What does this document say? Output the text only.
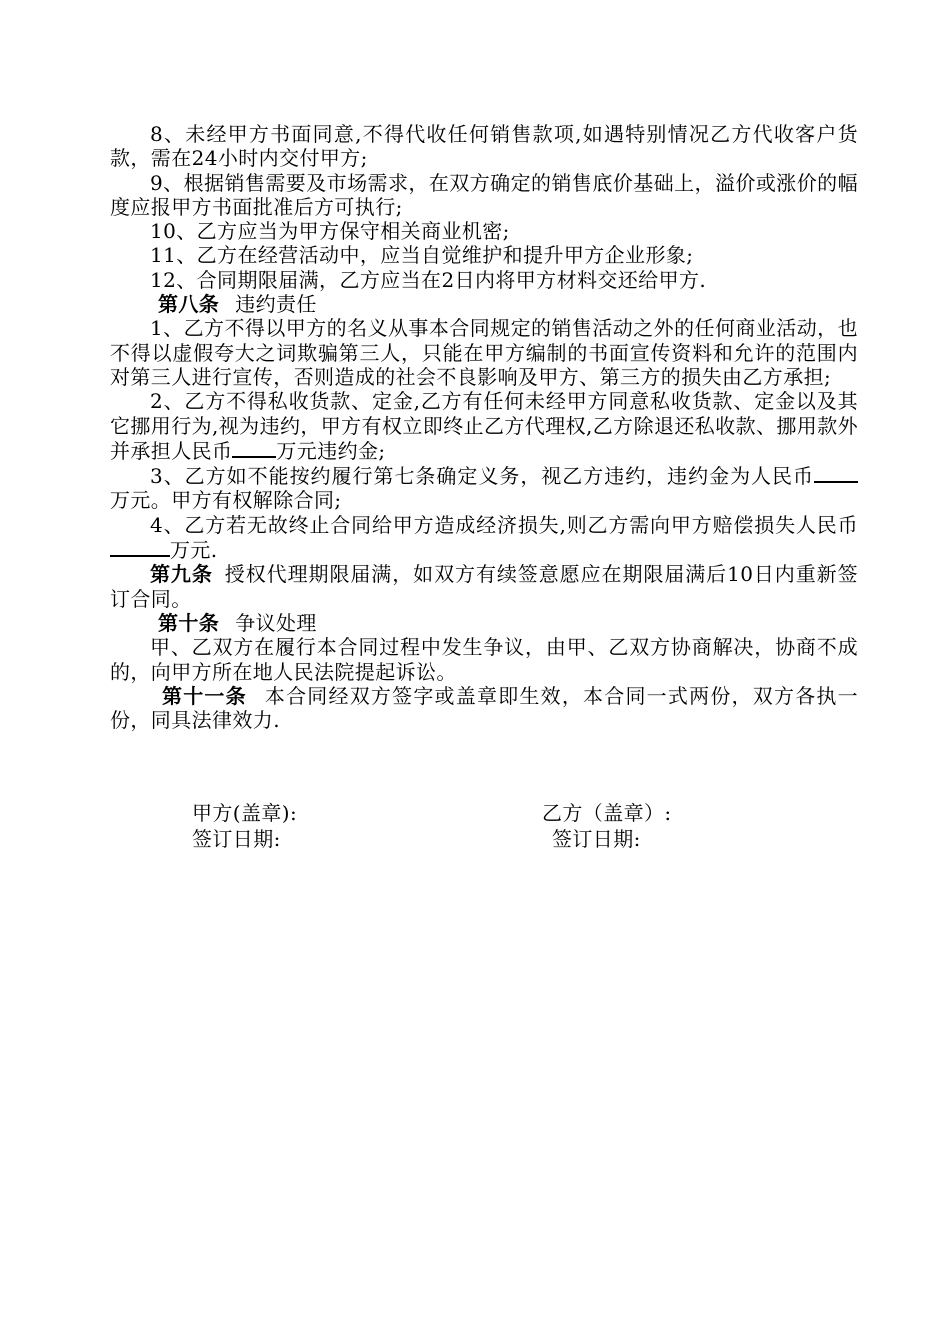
8、未经甲方书面同意,不得代收任何销售款项,如遇特别情况乙方代收客户货款，需在24小时内交付甲方;

9、根据销售需要及市场需求，在双方确定的销售底价基础上，溢价或涨价的幅度应报甲方书面批准后方可执行;

10、乙方应当为甲方保守相关商业机密;

11、乙方在经营活动中，应当自觉维护和提升甲方企业形象;

12、合同期限届满，乙方应当在2日内将甲方材料交还给甲方.

第八条 违约责任

1、乙方不得以甲方的名义从事本合同规定的销售活动之外的任何商业活动，也不得以虚假夸大之词欺骗第三人，只能在甲方编制的书面宣传资料和允许的范围内对第三人进行宣传，否则造成的社会不良影响及甲方、第三方的损失由乙方承担;

2、乙方不得私收货款、定金,乙方有任何未经甲方同意私收货款、定金以及其它挪用行为,视为违约，甲方有权立即终止乙方代理权,乙方除退还私收款、挪用款外并承担人民币 万元违约金;

3、乙方如不能按约履行第七条确定义务，视乙方违约，违约金为人民币万元。甲方有权解除合同;

4、乙方若无故终止合同给甲方造成经济损失,则乙方需向甲方赔偿损失人民币万元.

第九条 授权代理期限届满，如双方有续签意愿应在期限届满后10日内重新签订合同。

第十条 争议处理

甲、乙双方在履行本合同过程中发生争议，由甲、乙双方协商解决，协商不成的，向甲方所在地人民法院提起诉讼。

第十一条 本合同经双方签字或盖章即生效，本合同一式两份，双方各执一份，同具法律效力.

甲方(盖章):
签订日期:
乙方（盖章）:
签订日期:
